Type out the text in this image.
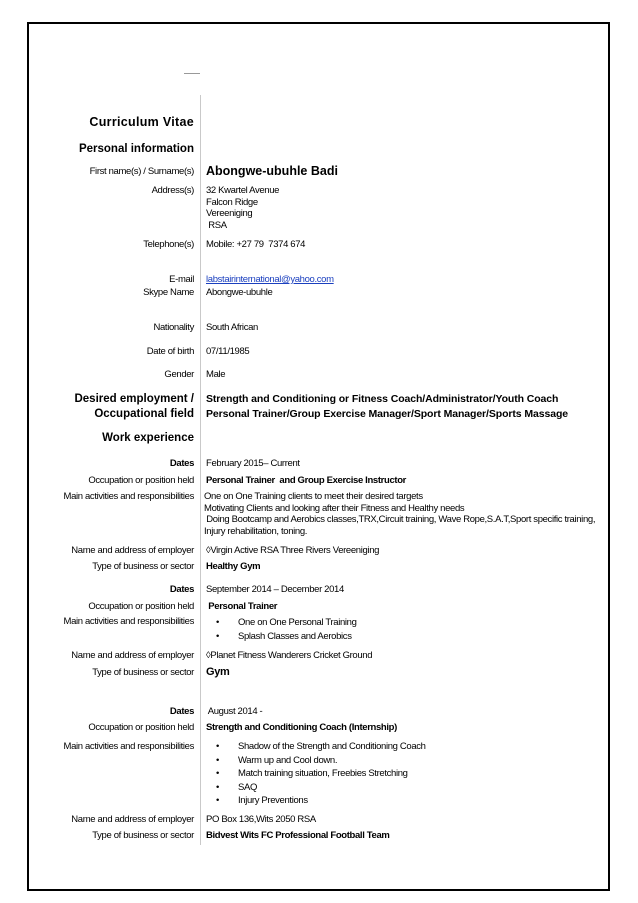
Curriculum Vitae
Personal information
First name(s) / Surname(s) Abongwe-ubuhle Badi
Address(s) 32 Kwartel Avenue
Falcon Ridge
Vereeniging
RSA
Telephone(s) Mobile: +27 79  7374 674
E-mail labstairinternational@yahoo.com
Skype Name Abongwe-ubuhle
Nationality South African
Date of birth 07/11/1985
Gender Male
Desired employment /
Occupational field
Strength and Conditioning or Fitness Coach/Administrator/Youth Coach
Personal Trainer/Group Exercise Manager/Sport Manager/Sports Massage
Work experience
Dates February 2015– Current
Occupation or position held Personal Trainer  and Group Exercise Instructor
Main activities and responsibilities One on One Training clients to meet their desired targets
Motivating Clients and looking after their Fitness and Healthy needs
Doing Bootcamp and Aerobics classes,TRX,Circuit training, Wave Rope,S.A.T,Sport specific training,
Injury rehabilitation, toning.
Name and address of employer ◊Virgin Active RSA Three Rivers Vereeniging
Type of business or sector Healthy Gym
Dates September 2014 – December 2014
Occupation or position held Personal Trainer
Main activities and responsibilities	• One on One Personal Training
• Splash Classes and Aerobics
Name and address of employer ◊Planet Fitness Wanderers Cricket Ground
Type of business or sector Gym
Dates August 2014 -
Occupation or position held Strength and Conditioning Coach (Internship)
Main activities and responsibilities	• Shadow of the Strength and Conditioning Coach
• Warm up and Cool down.
• Match training situation, Freebies Stretching
• SAQ
• Injury Preventions
Name and address of employer PO Box 136,Wits 2050 RSA
Type of business or sector Bidvest Wits FC Professional Football Team
